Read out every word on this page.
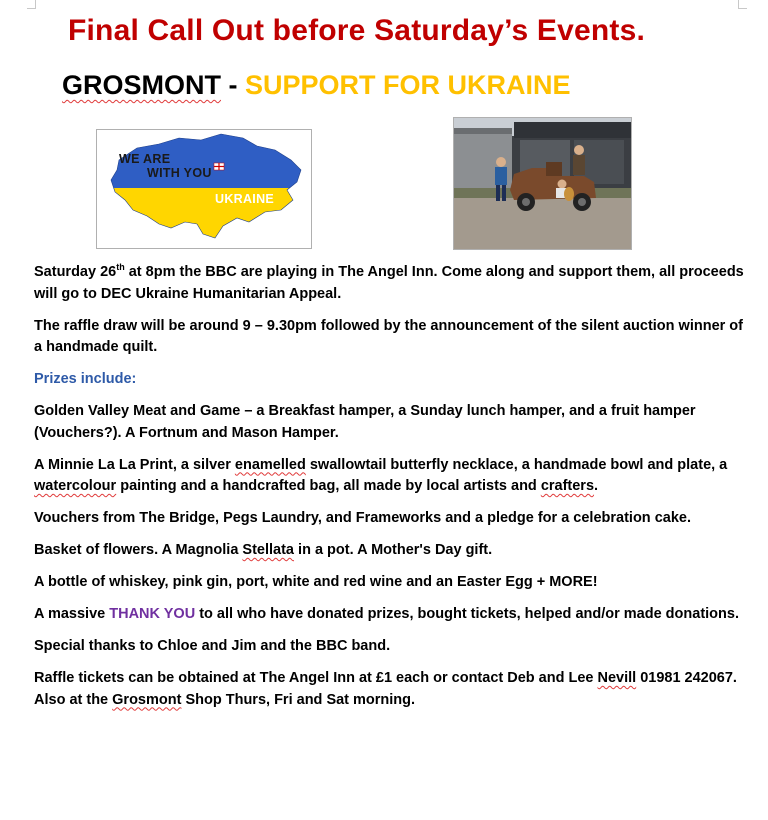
Final Call Out before Saturday’s Events.
GROSMONT - SUPPORT FOR UKRAINE
WE ARE
WITH YOU
UKRAINE

Saturday 26th at 8pm the BBC are playing in The Angel Inn. Come along and support them, all proceeds will go to DEC Ukraine Humanitarian Appeal.

The raffle draw will be around 9 – 9.30pm followed by the announcement of the silent auction winner of a handmade quilt.

Prizes include:

Golden Valley Meat and Game – a Breakfast hamper, a Sunday lunch hamper, and a fruit hamper (Vouchers?). A Fortnum and Mason Hamper.

A Minnie La La Print, a silver enamelled swallowtail butterfly necklace, a handmade bowl and plate, a watercolour painting and a handcrafted bag, all made by local artists and crafters.

Vouchers from The Bridge, Pegs Laundry, and Frameworks and a pledge for a celebration cake.

Basket of flowers. A Magnolia Stellata in a pot. A Mother's Day gift.

A bottle of whiskey, pink gin, port, white and red wine and an Easter Egg + MORE!

A massive THANK YOU to all who have donated prizes, bought tickets, helped and/or made donations.

Special thanks to Chloe and Jim and the BBC band.

Raffle tickets can be obtained at The Angel Inn at £1 each or contact Deb and Lee Nevill 01981 242067. Also at the Grosmont Shop Thurs, Fri and Sat morning.
